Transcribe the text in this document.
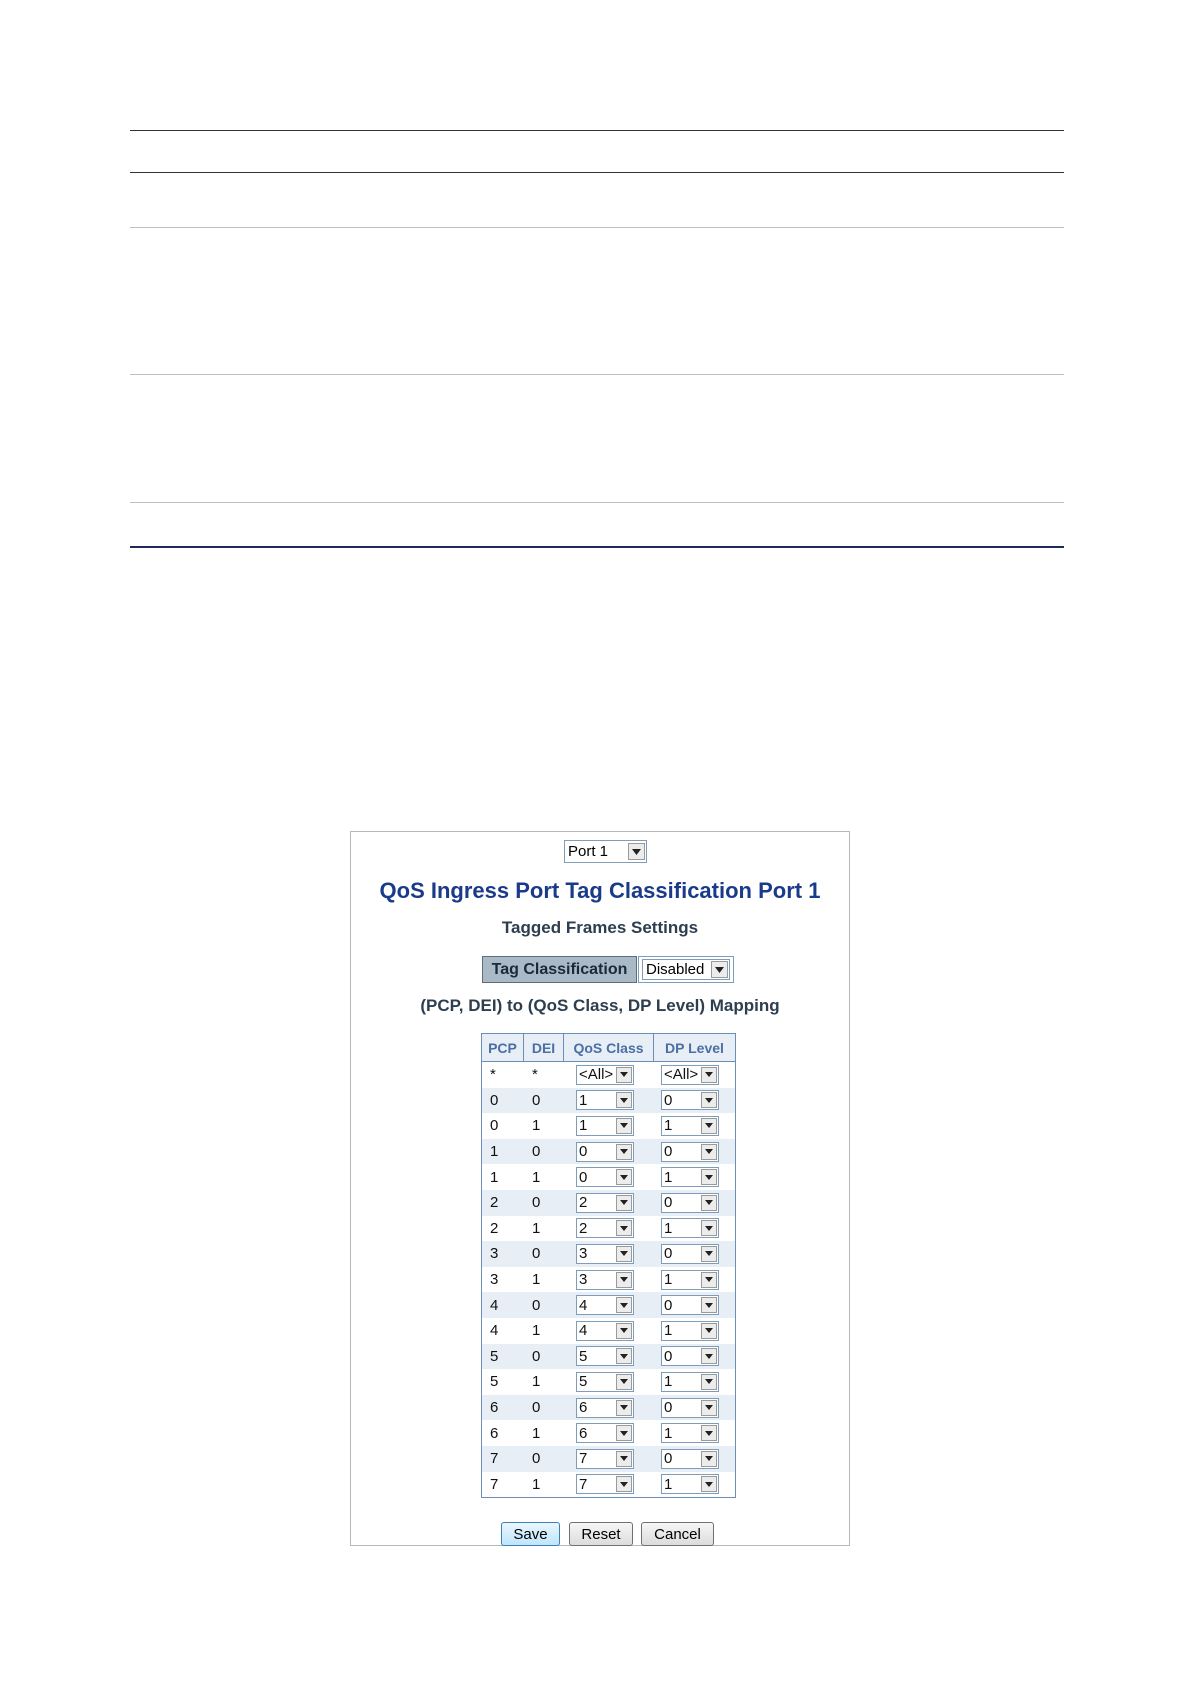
Port 1
QoS Ingress Port Tag Classification Port 1
Tagged Frames Settings
Tag Classification	Disabled
(PCP, DEI) to (QoS Class, DP Level) Mapping
PCP	DEI	QoS Class	DP Level
*	*	<All>	<All>
0	0	1	0
0	1	1	1
1	0	0	0
1	1	0	1
2	0	2	0
2	1	2	1
3	0	3	0
3	1	3	1
4	0	4	0
4	1	4	1
5	0	5	0
5	1	5	1
6	0	6	0
6	1	6	1
7	0	7	0
7	1	7	1
Save	Reset	Cancel
